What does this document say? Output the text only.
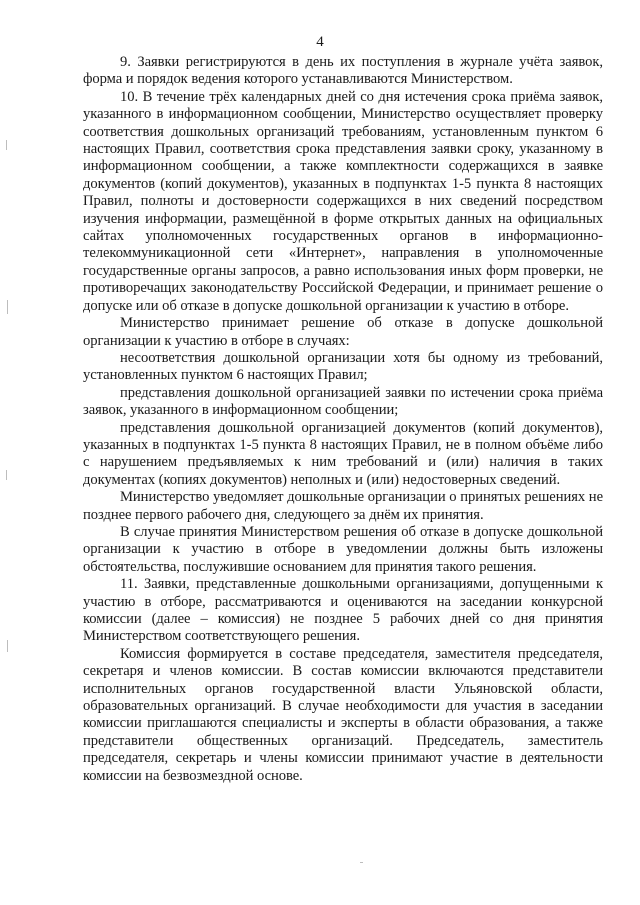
4

9. Заявки регистрируются в день их поступления в журнале учёта заявок, форма и порядок ведения которого устанавливаются Министерством.

10. В течение трёх календарных дней со дня истечения срока приёма заявок, указанного в информационном сообщении, Министерство осуществляет проверку соответствия дошкольных организаций требованиям, установленным пунктом 6 настоящих Правил, соответствия срока представления заявки сроку, указанному в информационном сообщении, а также комплектности содержащихся в заявке документов (копий документов), указанных в подпунктах 1-5 пункта 8 настоящих Правил, полноты и достоверности содержащихся в них сведений посредством изучения информации, размещённой в форме открытых данных на официальных сайтах уполномоченных государственных органов в информационно-телекоммуникационной сети «Интернет», направления в уполномоченные государственные органы запросов, а равно использования иных форм проверки, не противоречащих законодательству Российской Федерации, и принимает решение о допуске или об отказе в допуске дошкольной организации к участию в отборе.

Министерство принимает решение об отказе в допуске дошкольной организации к участию в отборе в случаях:

несоответствия дошкольной организации хотя бы одному из требований, установленных пунктом 6 настоящих Правил;

представления дошкольной организацией заявки по истечении срока приёма заявок, указанного в информационном сообщении;

представления дошкольной организацией документов (копий документов), указанных в подпунктах 1-5 пункта 8 настоящих Правил, не в полном объёме либо с нарушением предъявляемых к ним требований и (или) наличия в таких документах (копиях документов) неполных и (или) недостоверных сведений.

Министерство уведомляет дошкольные организации о принятых решениях не позднее первого рабочего дня, следующего за днём их принятия.

В случае принятия Министерством решения об отказе в допуске дошкольной организации к участию в отборе в уведомлении должны быть изложены обстоятельства, послужившие основанием для принятия такого решения.

11. Заявки, представленные дошкольными организациями, допущенными к участию в отборе, рассматриваются и оцениваются на заседании конкурсной комиссии (далее – комиссия) не позднее 5 рабочих дней со дня принятия Министерством соответствующего решения.

Комиссия формируется в составе председателя, заместителя председателя, секретаря и членов комиссии. В состав комиссии включаются представители исполнительных органов государственной власти Ульяновской области, образовательных организаций. В случае необходимости для участия в заседании комиссии приглашаются специалисты и эксперты в области образования, а также представители общественных организаций. Председатель, заместитель председателя, секретарь и члены комиссии принимают участие в деятельности комиссии на безвозмездной основе.
